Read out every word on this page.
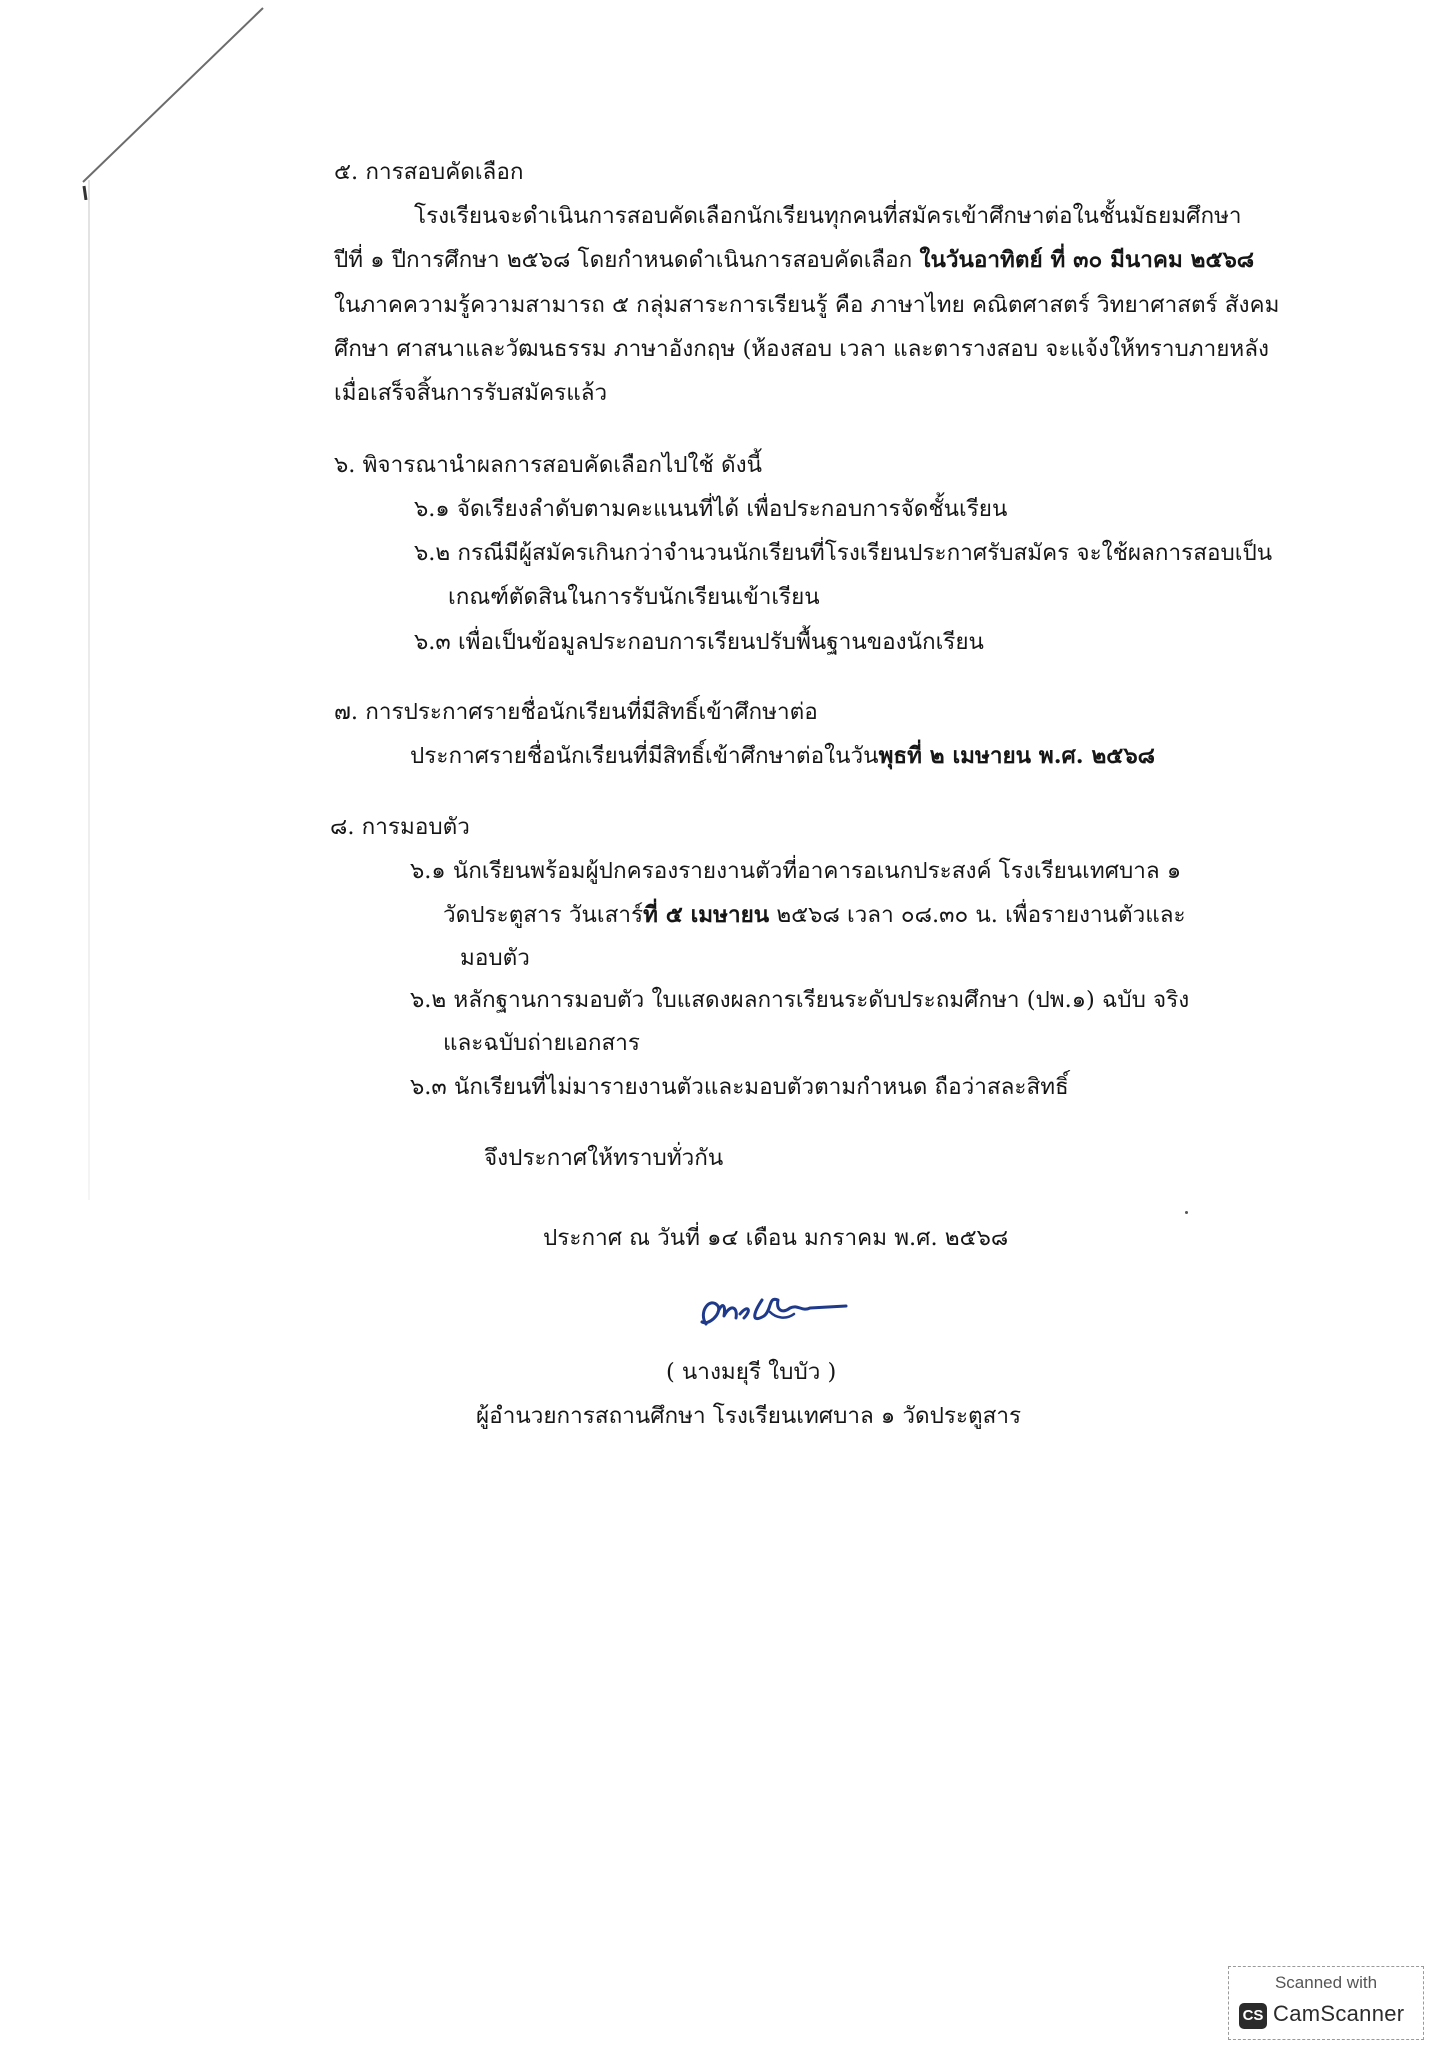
๕. การสอบคัดเลือก
โรงเรียนจะดำเนินการสอบคัดเลือกนักเรียนทุกคนที่สมัครเข้าศึกษาต่อในชั้นมัธยมศึกษา
ปีที่ ๑ ปีการศึกษา ๒๕๖๘ โดยกำหนดดำเนินการสอบคัดเลือก ในวันอาทิตย์ ที่ ๓๐ มีนาคม ๒๕๖๘
ในภาคความรู้ความสามารถ ๕ กลุ่มสาระการเรียนรู้ คือ ภาษาไทย คณิตศาสตร์ วิทยาศาสตร์ สังคม
ศึกษา ศาสนาและวัฒนธรรม ภาษาอังกฤษ (ห้องสอบ เวลา และตารางสอบ จะแจ้งให้ทราบภายหลัง
เมื่อเสร็จสิ้นการรับสมัครแล้ว
๖. พิจารณานำผลการสอบคัดเลือกไปใช้ ดังนี้
๖.๑ จัดเรียงลำดับตามคะแนนที่ได้ เพื่อประกอบการจัดชั้นเรียน
๖.๒ กรณีมีผู้สมัครเกินกว่าจำนวนนักเรียนที่โรงเรียนประกาศรับสมัคร จะใช้ผลการสอบเป็น
เกณฑ์ตัดสินในการรับนักเรียนเข้าเรียน
๖.๓ เพื่อเป็นข้อมูลประกอบการเรียนปรับพื้นฐานของนักเรียน
๗. การประกาศรายชื่อนักเรียนที่มีสิทธิ์เข้าศึกษาต่อ
ประกาศรายชื่อนักเรียนที่มีสิทธิ์เข้าศึกษาต่อในวันพุธที่ ๒ เมษายน พ.ศ. ๒๕๖๘
๘. การมอบตัว
๖.๑ นักเรียนพร้อมผู้ปกครองรายงานตัวที่อาคารอเนกประสงค์ โรงเรียนเทศบาล ๑
วัดประตูสาร วันเสาร์ที่ ๕ เมษายน ๒๕๖๘ เวลา ๐๘.๓๐ น. เพื่อรายงานตัวและ
มอบตัว
๖.๒ หลักฐานการมอบตัว ใบแสดงผลการเรียนระดับประถมศึกษา (ปพ.๑) ฉบับ จริง
และฉบับถ่ายเอกสาร
๖.๓ นักเรียนที่ไม่มารายงานตัวและมอบตัวตามกำหนด ถือว่าสละสิทธิ์
จึงประกาศให้ทราบทั่วกัน
ประกาศ ณ วันที่ ๑๔ เดือน มกราคม พ.ศ. ๒๕๖๘
( นางมยุรี ใบบัว )
ผู้อำนวยการสถานศึกษา โรงเรียนเทศบาล ๑ วัดประตูสาร
Scanned with
CS CamScanner
